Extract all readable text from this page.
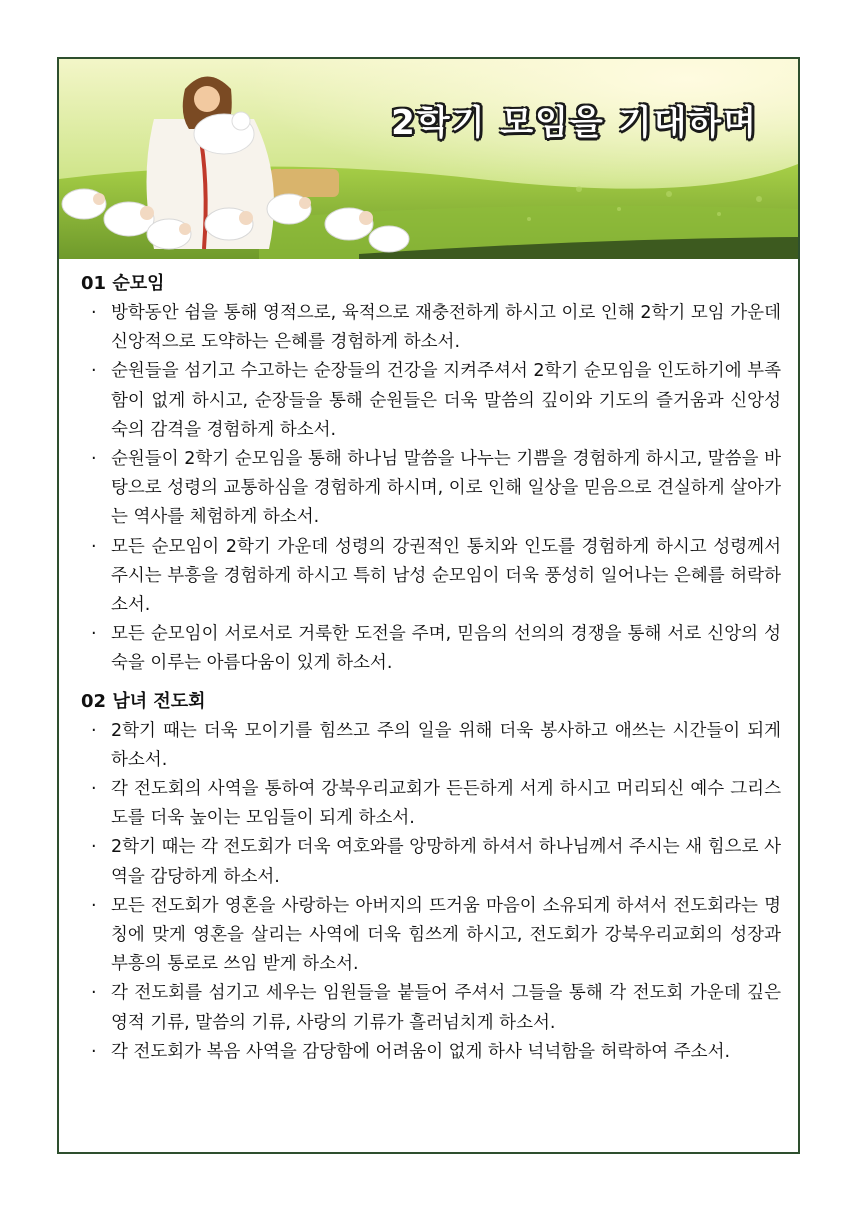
2학기 모임을 기대하며
01 순모임
· 방학동안 쉼을 통해 영적으로, 육적으로 재충전하게 하시고 이로 인해 2학기 모임 가운데 신앙적으로 도약하는 은혜를 경험하게 하소서.
· 순원들을 섬기고 수고하는 순장들의 건강을 지켜주셔서 2학기 순모임을 인도하기에 부족함이 없게 하시고, 순장들을 통해 순원들은 더욱 말씀의 깊이와 기도의 즐거움과 신앙성숙의 감격을 경험하게 하소서.
· 순원들이 2학기 순모임을 통해 하나님 말씀을 나누는 기쁨을 경험하게 하시고, 말씀을 바탕으로 성령의 교통하심을 경험하게 하시며, 이로 인해 일상을 믿음으로 견실하게 살아가는 역사를 체험하게 하소서.
· 모든 순모임이 2학기 가운데 성령의 강권적인 통치와 인도를 경험하게 하시고 성령께서 주시는 부흥을 경험하게 하시고 특히 남성 순모임이 더욱 풍성히 일어나는 은혜를 허락하소서.
· 모든 순모임이 서로서로 거룩한 도전을 주며, 믿음의 선의의 경쟁을 통해 서로 신앙의 성숙을 이루는 아름다움이 있게 하소서.
02 남녀 전도회
· 2학기 때는 더욱 모이기를 힘쓰고 주의 일을 위해 더욱 봉사하고 애쓰는 시간들이 되게 하소서.
· 각 전도회의 사역을 통하여 강북우리교회가 든든하게 서게 하시고 머리되신 예수 그리스도를 더욱 높이는 모임들이 되게 하소서.
· 2학기 때는 각 전도회가 더욱 여호와를 앙망하게 하셔서 하나님께서 주시는 새 힘으로 사역을 감당하게 하소서.
· 모든 전도회가 영혼을 사랑하는 아버지의 뜨거움 마음이 소유되게 하셔서 전도회라는 명칭에 맞게 영혼을 살리는 사역에 더욱 힘쓰게 하시고, 전도회가 강북우리교회의 성장과 부흥의 통로로 쓰임 받게 하소서.
· 각 전도회를 섬기고 세우는 임원들을 붙들어 주셔서 그들을 통해 각 전도회 가운데 깊은 영적 기류, 말씀의 기류, 사랑의 기류가 흘러넘치게 하소서.
· 각 전도회가 복음 사역을 감당함에 어려움이 없게 하사 넉넉함을 허락하여 주소서.
